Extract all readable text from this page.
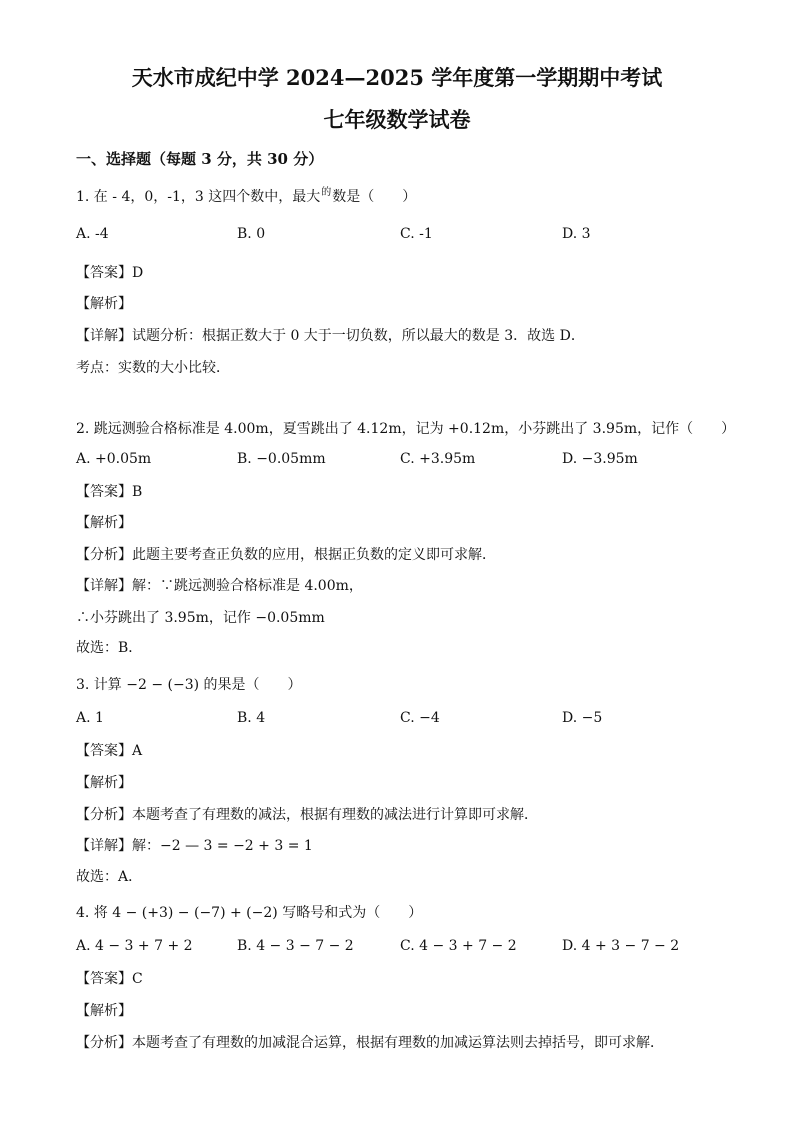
天水市成纪中学 2024—2025 学年度第一学期期中考试
七年级数学试卷
一、选择题（每题 3 分，共 30 分）
1. 在 - 4，0，-1，3 这四个数中，最大$^的$数是（　　）
A. -4	B. 0	C. -1	D. 3
【答案】D
【解析】
【详解】试题分析：根据正数大于 0 大于一切负数，所以最大的数是 3．故选 D．
考点：实数的大小比较．
2. 跳远测验合格标准是 4.00m，夏雪跳出了 4.12m，记为 +0.12m，小芬跳出了 3.95m，记作（　　）
A. +0.05m	B. −0.05mm	C. +3.95m	D. −3.95m
【答案】B
【解析】
【分析】此题主要考查正负数的应用，根据正负数的定义即可求解．
【详解】解：∵跳远测验合格标准是 4.00m，
∴小芬跳出了 3.95m，记作 −0.05mm
故选：B．
3. 计算 −2 − (−3) 的果是（　　）
A. 1	B. 4	C. −4	D. −5
【答案】A
【解析】
【分析】本题考查了有理数的减法，根据有理数的减法进行计算即可求解．
【详解】解：−2 — 3 = −2 + 3 = 1
故选：A．
4. 将 4 − (+3) − (−7) + (−2) 写略号和式为（　　）
A. 4 − 3 + 7 + 2	B. 4 − 3 − 7 − 2	C. 4 − 3 + 7 − 2	D. 4 + 3 − 7 − 2
【答案】C
【解析】
【分析】本题考查了有理数的加减混合运算，根据有理数的加减运算法则去掉括号，即可求解．
